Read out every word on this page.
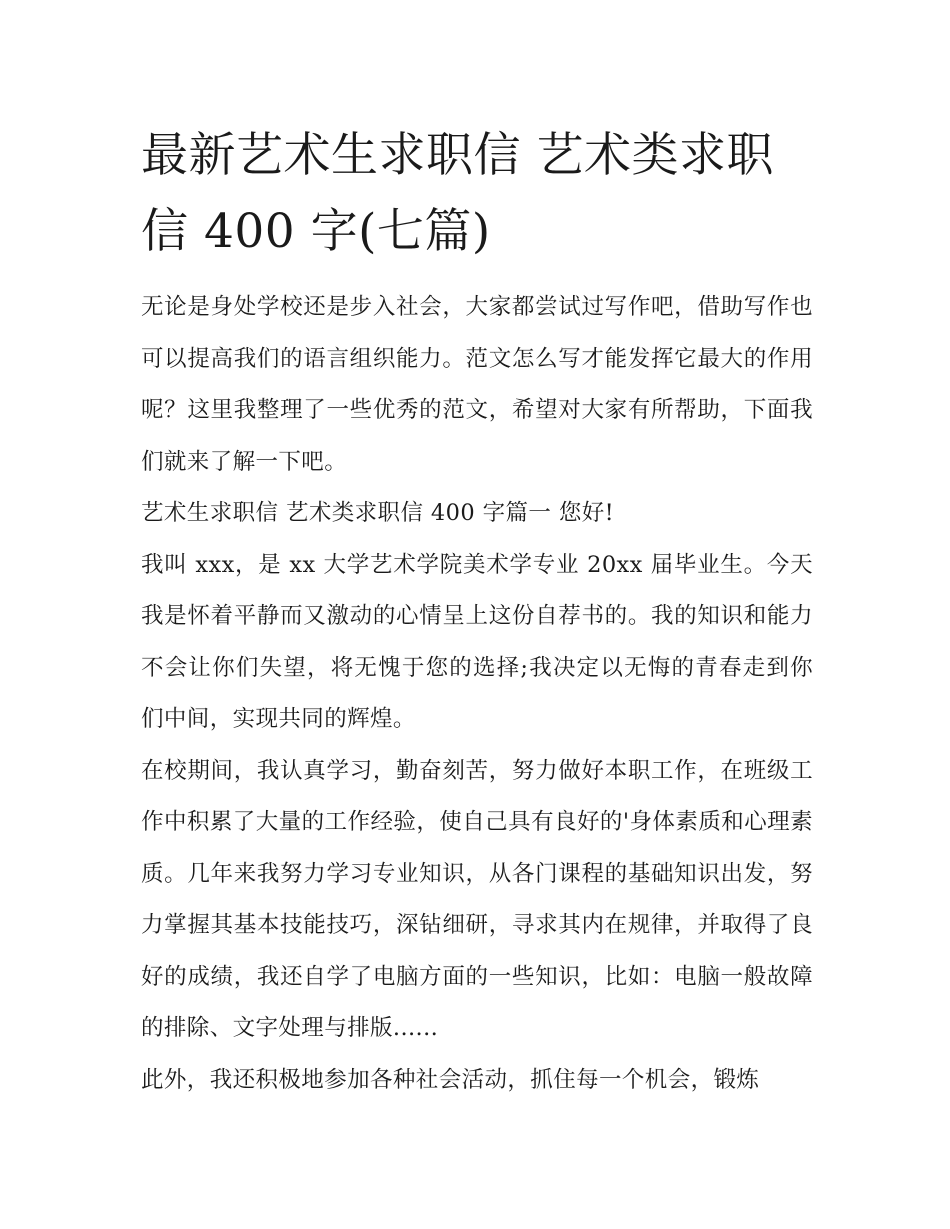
最新艺术生求职信 艺术类求职信 400 字(七篇)

无论是身处学校还是步入社会，大家都尝试过写作吧，借助写作也可以提高我们的语言组织能力。范文怎么写才能发挥它最大的作用呢？这里我整理了一些优秀的范文，希望对大家有所帮助，下面我们就来了解一下吧。

艺术生求职信 艺术类求职信 400 字篇一 您好!

我叫 xxx，是 xx 大学艺术学院美术学专业 20xx 届毕业生。今天我是怀着平静而又激动的心情呈上这份自荐书的。我的知识和能力不会让你们失望，将无愧于您的选择;我决定以无悔的青春走到你们中间，实现共同的辉煌。

在校期间，我认真学习，勤奋刻苦，努力做好本职工作，在班级工作中积累了大量的工作经验，使自己具有良好的'身体素质和心理素质。几年来我努力学习专业知识，从各门课程的基础知识出发，努力掌握其基本技能技巧，深钻细研，寻求其内在规律，并取得了良好的成绩，我还自学了电脑方面的一些知识，比如：电脑一般故障的排除、文字处理与排版......

此外，我还积极地参加各种社会活动，抓住每一个机会，锻炼
